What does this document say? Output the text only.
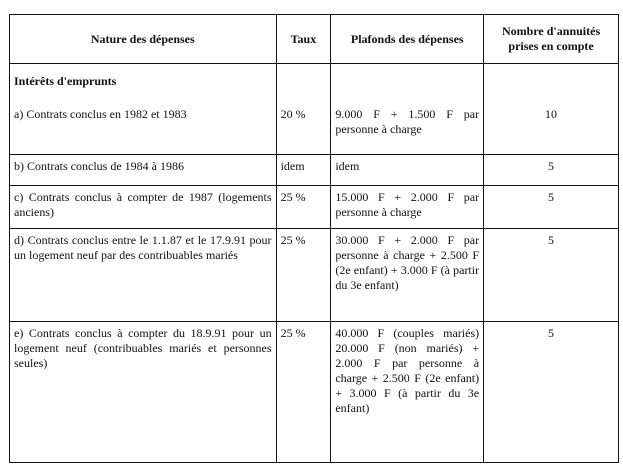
Nature des dépenses	Taux	Plafonds des dépenses	Nombre d'annuités prises en compte

Intérêts d'emprunts
a) Contrats conclus en 1982 et 1983	20 %	9.000 F + 1.500 F par personne à charge	10

b) Contrats conclus de 1984 à 1986	idem	idem	5
c) Contrats conclus à compter de 1987 (logements anciens)	25 %	15.000 F + 2.000 F par personne à charge	5
d) Contrats conclus entre le 1.1.87 et le 17.9.91 pour un logement neuf par des contribuables mariés	25 %	30.000 F + 2.000 F par personne à charge + 2.500 F (2e enfant) + 3.000 F (à partir du 3e enfant)	5
e) Contrats conclus à compter du 18.9.91 pour un logement neuf (contribuables mariés et personnes seules)	25 %	40.000 F (couples mariés) 20.000 F (non mariés) + 2.000 F par personne à charge + 2.500 F (2e enfant) + 3.000 F (à partir du 3e enfant)	5
